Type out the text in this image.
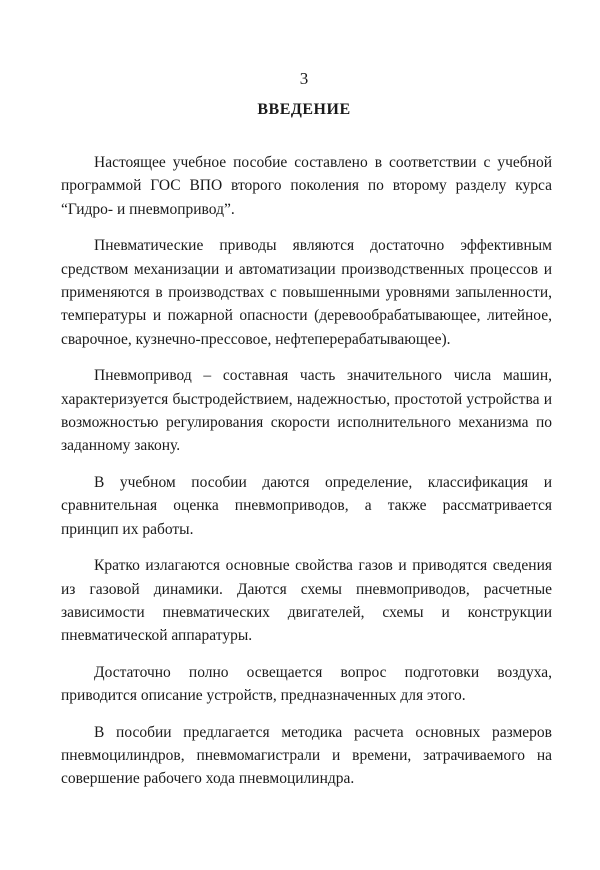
3
ВВЕДЕНИЕ

Настоящее учебное пособие составлено в соответствии с учебной программой ГОС ВПО второго поколения по второму разделу курса “Гидро- и пневмопривод”.

Пневматические приводы являются достаточно эффективным средством механизации и автоматизации производственных процессов и применяются в производствах с повышенными уровнями запыленности, температуры и пожарной опасности (деревообрабатывающее, литейное, сварочное, кузнечно-прессовое, нефтеперерабатывающее).

Пневмопривод – составная часть значительного числа машин, характеризуется быстродействием, надежностью, простотой устройства и возможностью регулирования скорости исполнительного механизма по заданному закону.

В учебном пособии даются определение, классификация и сравнительная оценка пневмоприводов, а также рассматривается принцип их работы.

Кратко излагаются основные свойства газов и приводятся сведения из газовой динамики. Даются схемы пневмоприводов, расчетные зависимости пневматических двигателей, схемы и конструкции пневматической аппаратуры.

Достаточно полно освещается вопрос подготовки воздуха, приводится описание устройств, предназначенных для этого.

В пособии предлагается методика расчета основных размеров пневмоцилиндров, пневмомагистрали и времени, затрачиваемого на совершение рабочего хода пневмоцилиндра.
